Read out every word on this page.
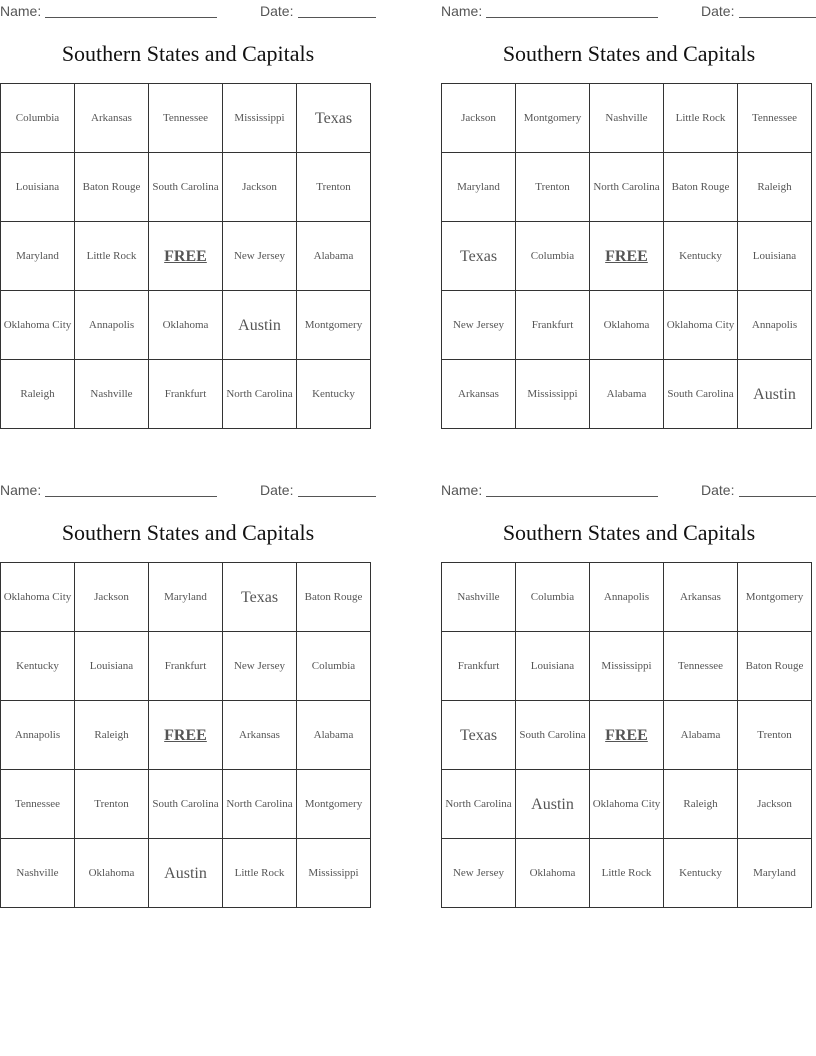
Name:	Date:
Southern States and Capitals
Columbia	Arkansas	Tennessee	Mississippi	Texas
Louisiana	Baton Rouge	South Carolina	Jackson	Trenton
Maryland	Little Rock	FREE	New Jersey	Alabama
Oklahoma City	Annapolis	Oklahoma	Austin	Montgomery
Raleigh	Nashville	Frankfurt	North Carolina	Kentucky
Name:	Date:
Southern States and Capitals
Jackson	Montgomery	Nashville	Little Rock	Tennessee
Maryland	Trenton	North Carolina	Baton Rouge	Raleigh
Texas	Columbia	FREE	Kentucky	Louisiana
New Jersey	Frankfurt	Oklahoma	Oklahoma City	Annapolis
Arkansas	Mississippi	Alabama	South Carolina	Austin
Name:	Date:
Southern States and Capitals
Oklahoma City	Jackson	Maryland	Texas	Baton Rouge
Kentucky	Louisiana	Frankfurt	New Jersey	Columbia
Annapolis	Raleigh	FREE	Arkansas	Alabama
Tennessee	Trenton	South Carolina	North Carolina	Montgomery
Nashville	Oklahoma	Austin	Little Rock	Mississippi
Name:	Date:
Southern States and Capitals
Nashville	Columbia	Annapolis	Arkansas	Montgomery
Frankfurt	Louisiana	Mississippi	Tennessee	Baton Rouge
Texas	South Carolina	FREE	Alabama	Trenton
North Carolina	Austin	Oklahoma City	Raleigh	Jackson
New Jersey	Oklahoma	Little Rock	Kentucky	Maryland
